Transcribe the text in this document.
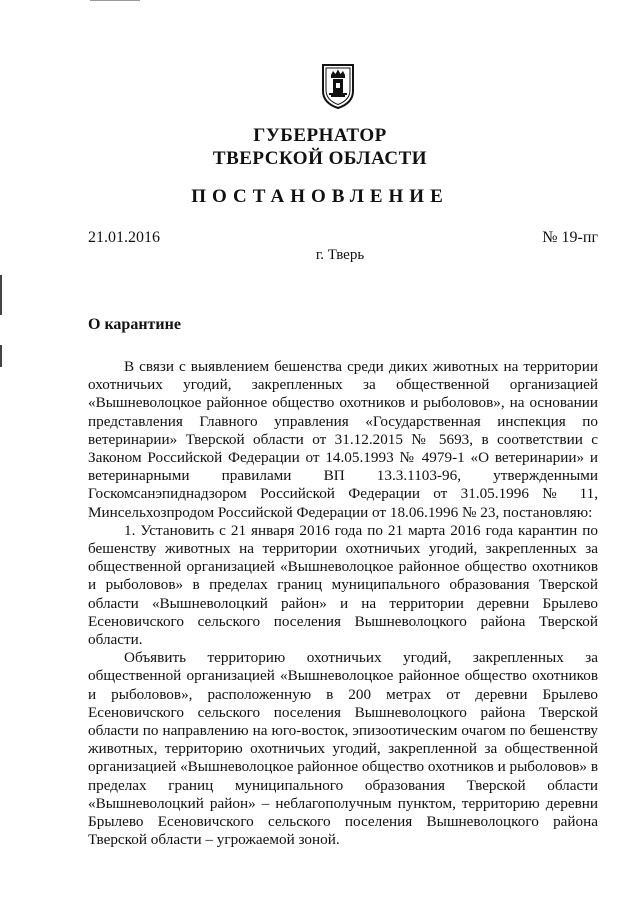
ГУБЕРНАТОР
ТВЕРСКОЙ ОБЛАСТИ
ПОСТАНОВЛЕНИЕ
21.01.2016	№ 19-пг
г. Тверь
О карантине

В связи с выявлением бешенства среди диких животных на территории охотничьих угодий, закрепленных за общественной организацией «Вышневолоцкое районное общество охотников и рыболовов», на основании представления Главного управления «Государственная инспекция по ветеринарии» Тверской области от 31.12.2015 № 5693, в соответствии с Законом Российской Федерации от 14.05.1993 № 4979-1 «О ветеринарии» и ветеринарными правилами ВП 13.3.1103-96, утвержденными Госкомсанэпиднадзором Российской Федерации от 31.05.1996 № 11, Минсельхозпродом Российской Федерации от 18.06.1996 № 23, постановляю:

1. Установить с 21 января 2016 года по 21 марта 2016 года карантин по бешенству животных на территории охотничьих угодий, закрепленных за общественной организацией «Вышневолоцкое районное общество охотников и рыболовов» в пределах границ муниципального образования Тверской области «Вышневолоцкий район» и на территории деревни Брылево Есеновичского сельского поселения Вышневолоцкого района Тверской области.

Объявить территорию охотничьих угодий, закрепленных за общественной организацией «Вышневолоцкое районное общество охотников и рыболовов», расположенную в 200 метрах от деревни Брылево Есеновичского сельского поселения Вышневолоцкого района Тверской области по направлению на юго-восток, эпизоотическим очагом по бешенству животных, территорию охотничьих угодий, закрепленной за общественной организацией «Вышневолоцкое районное общество охотников и рыболовов» в пределах границ муниципального образования Тверской области «Вышневолоцкий район» – неблагополучным пунктом, территорию деревни Брылево Есеновичского сельского поселения Вышневолоцкого района Тверской области – угрожаемой зоной.
